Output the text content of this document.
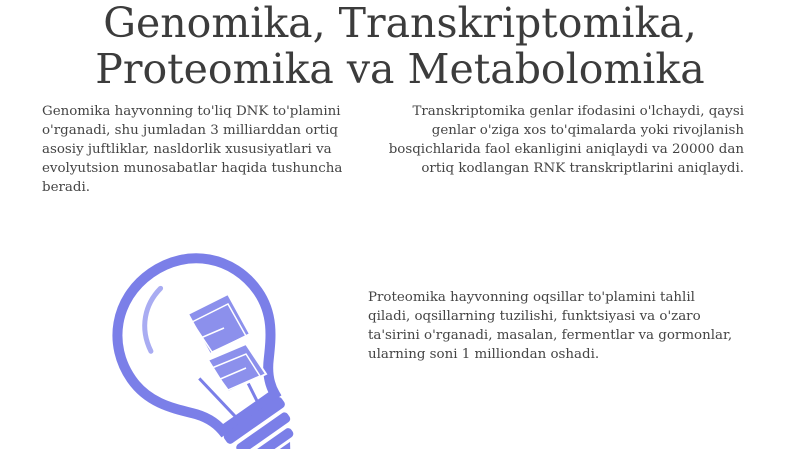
Genomika, Transkriptomika,
Proteomika va Metabolomika

Genomika hayvonning to'liq DNK to'plamini o'rganadi, shu jumladan 3 milliarddan ortiq asosiy juftliklar, nasldorlik xususiyatlari va evolyutsion munosabatlar haqida tushuncha beradi.

Transkriptomika genlar ifodasini o'lchaydi, qaysi genlar o'ziga xos to'qimalarda yoki rivojlanish bosqichlarida faol ekanligini aniqlaydi va 20000 dan ortiq kodlangan RNK transkriptlarini aniqlaydi.

Proteomika hayvonning oqsillar to'plamini tahlil qiladi, oqsillarning tuzilishi, funktsiyasi va o'zaro ta'sirini o'rganadi, masalan, fermentlar va gormonlar, ularning soni 1 milliondan oshadi.
